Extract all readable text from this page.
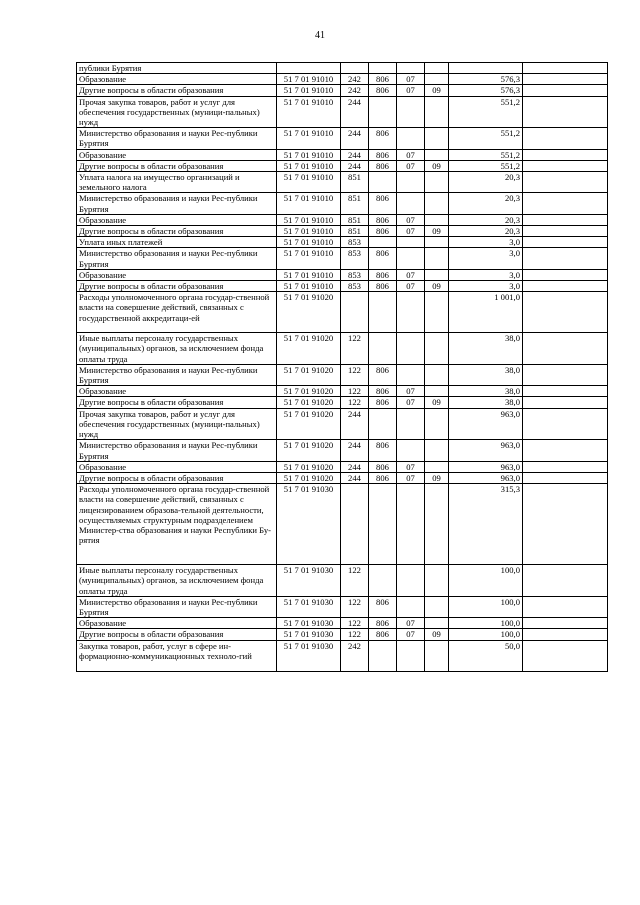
41
публики Бурятия							
Образование	51 7 01 91010	242	806	07		576,3	
Другие вопросы в области образования	51 7 01 91010	242	806	07	09	576,3	
Прочая закупка товаров, работ и услуг для обеспечения государственных (муници-пальных) нужд	51 7 01 91010	244				551,2	
Министерство образования и науки Рес-публики Бурятия	51 7 01 91010	244	806			551,2	
Образование	51 7 01 91010	244	806	07		551,2	
Другие вопросы в области образования	51 7 01 91010	244	806	07	09	551,2	
Уплата налога на имущество организаций и земельного налога	51 7 01 91010	851				20,3	
Министерство образования и науки Рес-публики Бурятия	51 7 01 91010	851	806			20,3	
Образование	51 7 01 91010	851	806	07		20,3	
Другие вопросы в области образования	51 7 01 91010	851	806	07	09	20,3	
Уплата иных платежей	51 7 01 91010	853				3,0	
Министерство образования и науки Рес-публики Бурятия	51 7 01 91010	853	806			3,0	
Образование	51 7 01 91010	853	806	07		3,0	
Другие вопросы в области образования	51 7 01 91010	853	806	07	09	3,0	
Расходы уполномоченного органа государ-ственной власти на совершение действий, связанных с государственной аккредитаци-ей	51 7 01 91020					1 001,0	
Иные выплаты персоналу государственных (муниципальных) органов, за исключением фонда оплаты труда	51 7 01 91020	122				38,0	
Министерство образования и науки Рес-публики Бурятия	51 7 01 91020	122	806			38,0	
Образование	51 7 01 91020	122	806	07		38,0	
Другие вопросы в области образования	51 7 01 91020	122	806	07	09	38,0	
Прочая закупка товаров, работ и услуг для обеспечения государственных (муници-пальных) нужд	51 7 01 91020	244				963,0	
Министерство образования и науки Рес-публики Бурятия	51 7 01 91020	244	806			963,0	
Образование	51 7 01 91020	244	806	07		963,0	
Другие вопросы в области образования	51 7 01 91020	244	806	07	09	963,0	
Расходы уполномоченного органа государ-ственной власти на совершение действий, связанных с лицензированием образова-тельной деятельности, осуществляемых структурным подразделением Министер-ства образования и науки Республики Бу-рятия	51 7 01 91030					315,3	
Иные выплаты персоналу государственных (муниципальных) органов, за исключением фонда оплаты труда	51 7 01 91030	122				100,0	
Министерство образования и науки Рес-публики Бурятия	51 7 01 91030	122	806			100,0	
Образование	51 7 01 91030	122	806	07		100,0	
Другие вопросы в области образования	51 7 01 91030	122	806	07	09	100,0	
Закупка товаров, работ, услуг в сфере ин-формационно-коммуникационных техноло-гий	51 7 01 91030	242				50,0	
